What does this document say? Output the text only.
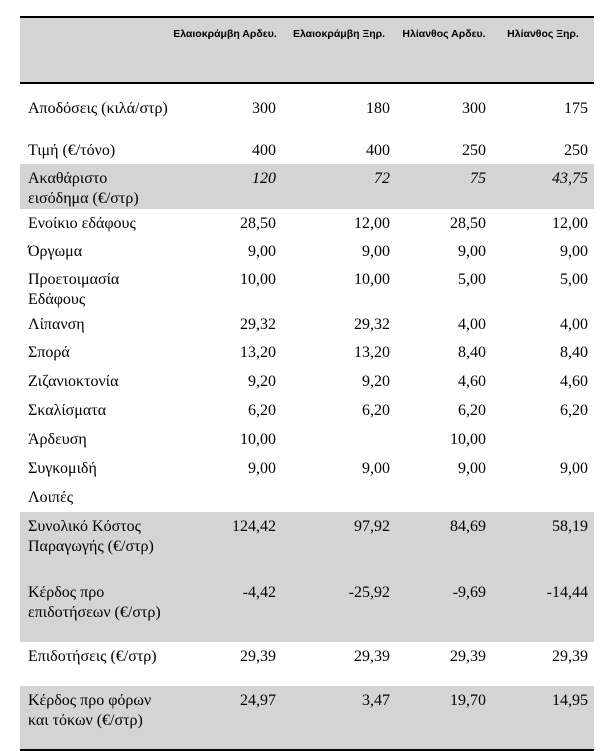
	Ελαιοκράμβη Αρδευ.	Ελαιοκράμβη Ξηρ.	Ηλίανθος Αρδευ.	Ηλίανθος Ξηρ.

Αποδόσεις (κιλά/στρ)	300	180	300	175
Τιμή (€/τόνο)	400	400	250	250
Ακαθάριστο εισόδημα (€/στρ)	120	72	75	43,75
Ενοίκιο εδάφους	28,50	12,00	28,50	12,00
Όργωμα	9,00	9,00	9,00	9,00
Προετοιμασία Εδάφους	10,00	10,00	5,00	5,00
Λίπανση	29,32	29,32	4,00	4,00
Σπορά	13,20	13,20	8,40	8,40
Ζιζανιοκτονία	9,20	9,20	4,60	4,60
Σκαλίσματα	6,20	6,20	6,20	6,20
Άρδευση	10,00		10,00	
Συγκομιδή	9,00	9,00	9,00	9,00
Λοιπές				
Συνολικό Κόστος Παραγωγής (€/στρ)	124,42	97,92	84,69	58,19
Κέρδος προ επιδοτήσεων (€/στρ)	-4,42	-25,92	-9,69	-14,44
Επιδοτήσεις (€/στρ)	29,39	29,39	29,39	29,39
Κέρδος προ φόρων και τόκων (€/στρ)	24,97	3,47	19,70	14,95
